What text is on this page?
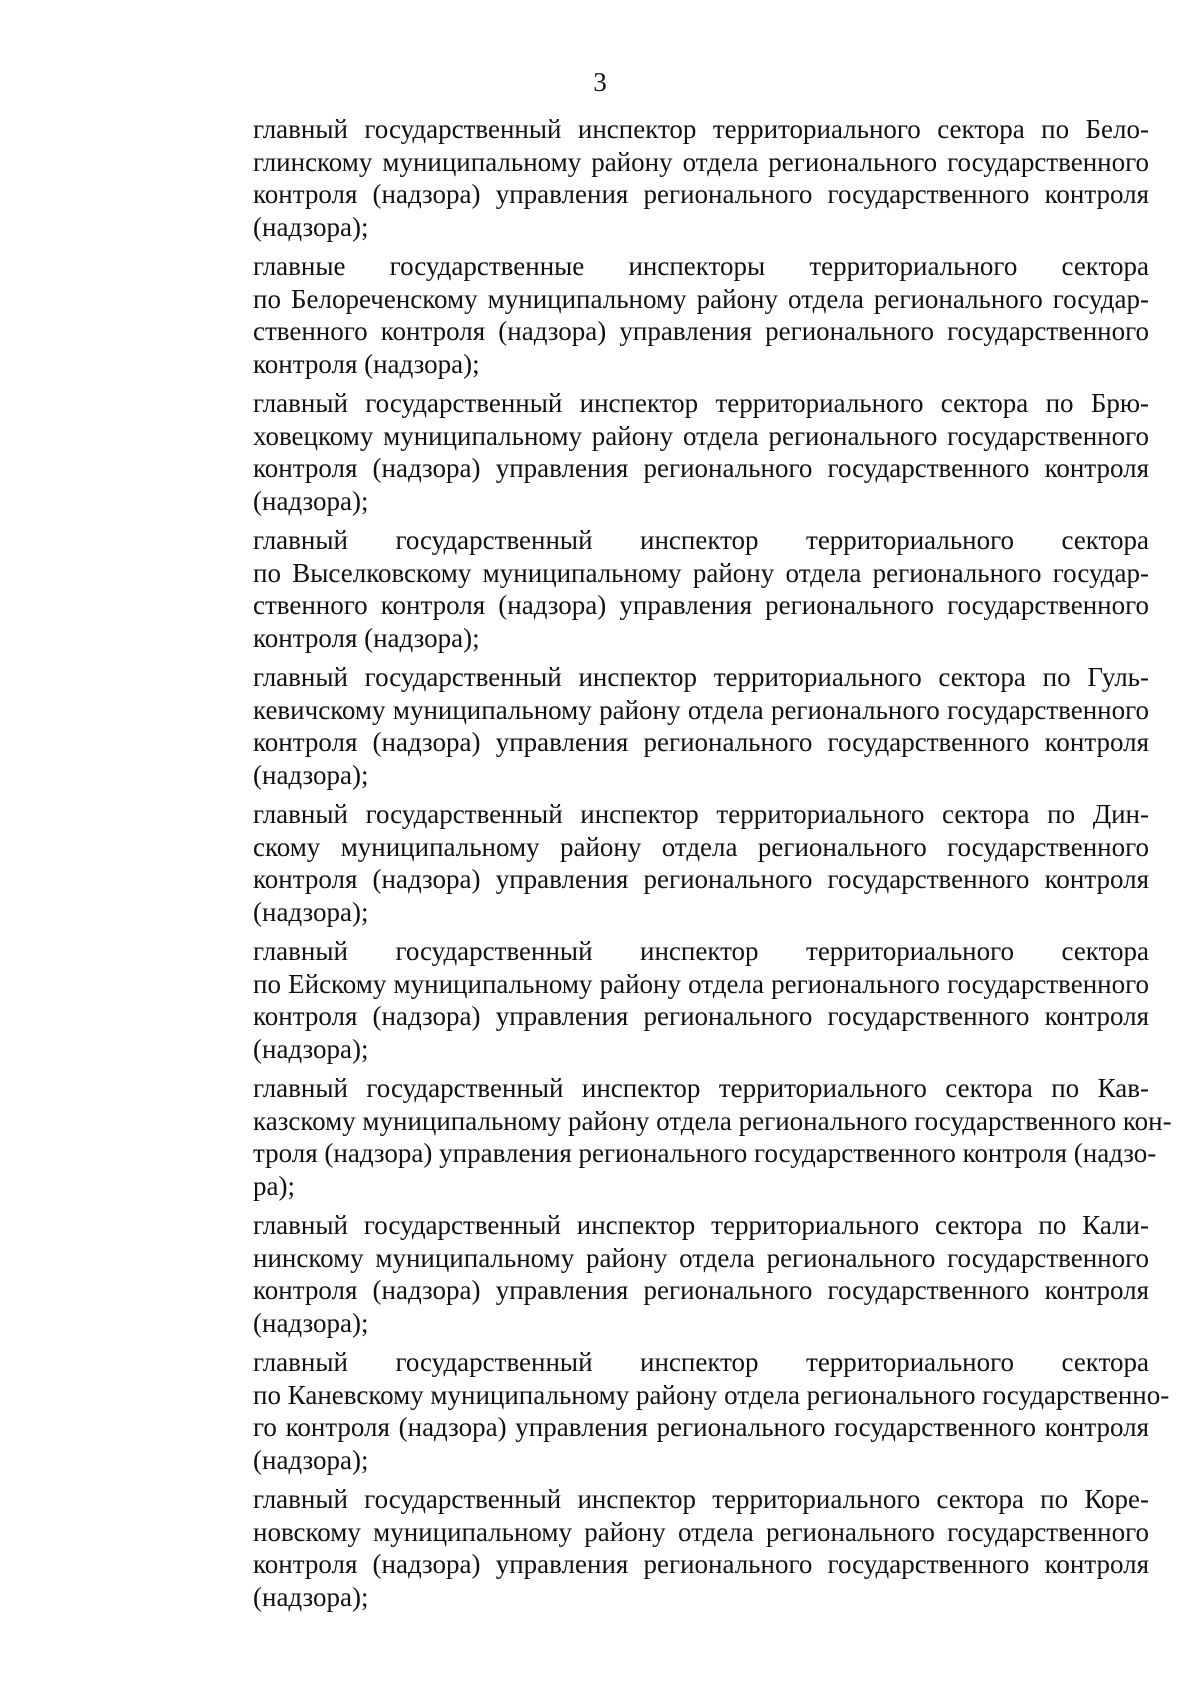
3

главный государственный инспектор территориального сектора по Бело-
глинскому муниципальному району отдела регионального государственного
контроля (надзора) управления регионального государственного контроля
(надзора);

главные государственные инспекторы территориального сектора
по Белореченскому муниципальному району отдела регионального государ-
ственного контроля (надзора) управления регионального государственного
контроля (надзора);

главный государственный инспектор территориального сектора по Брю-
ховецкому муниципальному району отдела регионального государственного
контроля (надзора) управления регионального государственного контроля
(надзора);

главный государственный инспектор территориального сектора
по Выселковскому муниципальному району отдела регионального государ-
ственного контроля (надзора) управления регионального государственного
контроля (надзора);

главный государственный инспектор территориального сектора по Гуль-
кевичскому муниципальному району отдела регионального государственного
контроля (надзора) управления регионального государственного контроля
(надзора);

главный государственный инспектор территориального сектора по Дин-
скому муниципальному району отдела регионального государственного
контроля (надзора) управления регионального государственного контроля
(надзора);

главный государственный инспектор территориального сектора
по Ейскому муниципальному району отдела регионального государственного
контроля (надзора) управления регионального государственного контроля
(надзора);

главный государственный инспектор территориального сектора по Кав-
казскому муниципальному району отдела регионального государственного кон-
троля (надзора) управления регионального государственного контроля (надзо-
ра);

главный государственный инспектор территориального сектора по Кали-
нинскому муниципальному району отдела регионального государственного
контроля (надзора) управления регионального государственного контроля
(надзора);

главный государственный инспектор территориального сектора
по Каневскому муниципальному району отдела регионального государственно-
го контроля (надзора) управления регионального государственного контроля
(надзора);

главный государственный инспектор территориального сектора по Коре-
новскому муниципальному району отдела регионального государственного
контроля (надзора) управления регионального государственного контроля
(надзора);
